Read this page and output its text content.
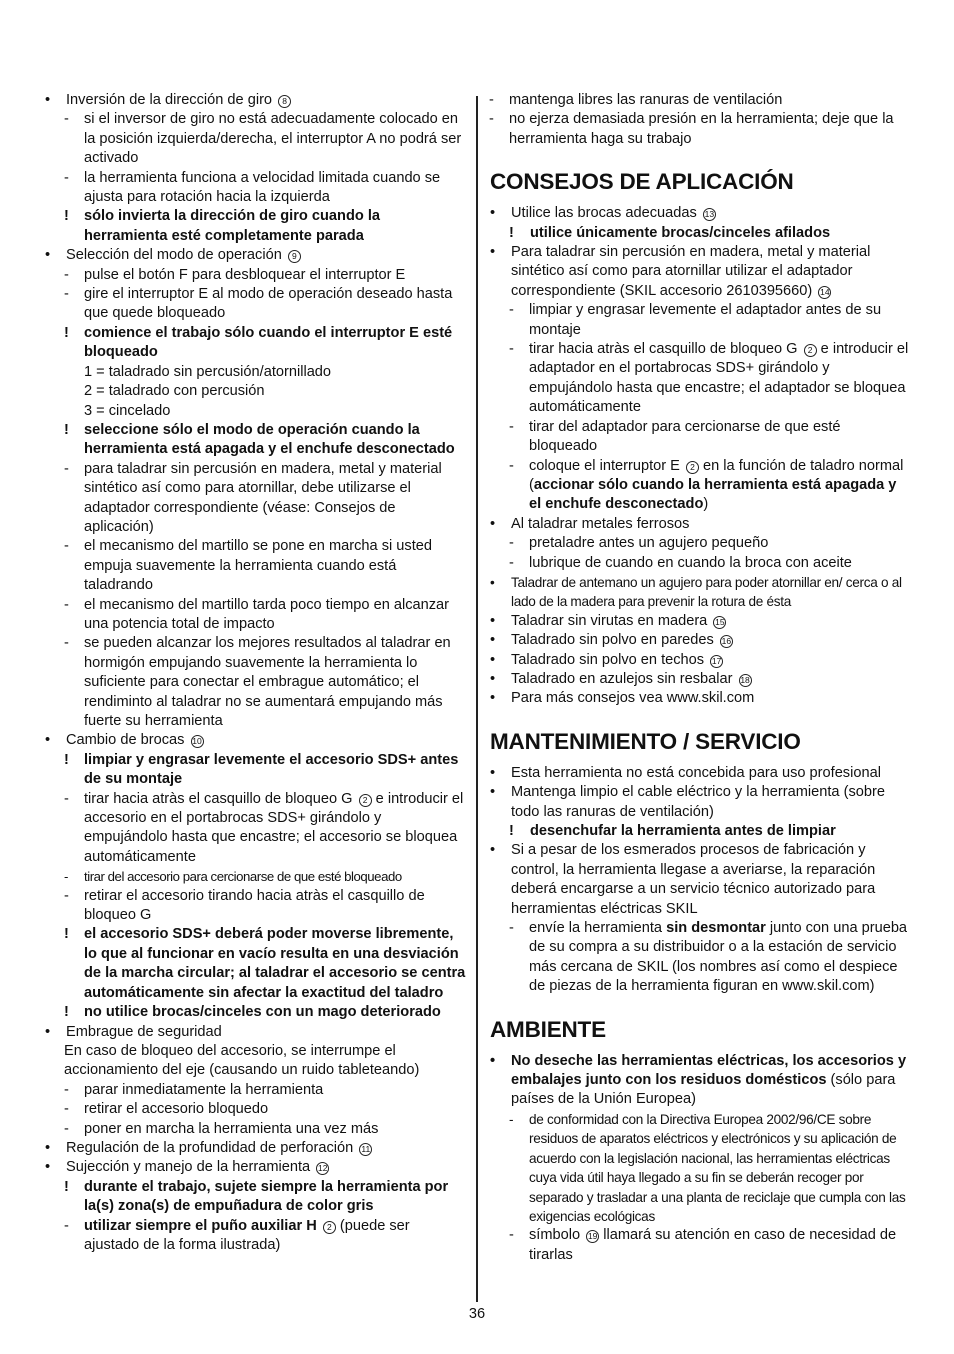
•	Inversión de la dirección de giro 8
-	si el inversor de giro no está adecuadamente colocado en la posición izquierda/derecha, el interruptor A no podrá ser activado
-	la herramienta funciona a velocidad limitada cuando se ajusta para rotación hacia la izquierda
!	sólo invierta la dirección de giro cuando la herramienta esté completamente parada
•	Selección del modo de operación 9
-	pulse el botón F para desbloquear el interruptor E
-	gire el interruptor E al modo de operación deseado hasta que quede bloqueado
!	comience el trabajo sólo cuando el interruptor E esté bloqueado
1 = taladrado sin percusión/atornillado
2 = taladrado con percusión
3 = cincelado
!	seleccione sólo el modo de operación cuando la herramienta está apagada y el enchufe desconectado
-	para taladrar sin percusión en madera, metal y material sintético así como para atornillar, debe utilizarse el adaptador correspondiente (véase: Consejos de aplicación)
-	el mecanismo del martillo se pone en marcha si usted empuja suavemente la herramienta cuando está taladrando
-	el mecanismo del martillo tarda poco tiempo en alcanzar una potencia total de impacto
-	se pueden alcanzar los mejores resultados al taladrar en hormigón empujando suavemente la herramienta lo suficiente para conectar el embrague automático; el rendiminto al taladrar no se aumentará empujando más fuerte su herramienta
•	Cambio de brocas 10
!	limpiar y engrasar levemente el accesorio SDS+ antes de su montaje
-	tirar hacia atràs el casquillo de bloqueo G 2 e introducir el accesorio en el portabrocas SDS+ girándolo y empujándolo hasta que encastre; el accesorio se bloquea automáticamente
-	tirar del accesorio para cercionarse de que esté bloqueado
-	retirar el accesorio tirando hacia atràs el casquillo de bloqueo G
!	el accesorio SDS+ deberá poder moverse libremente, lo que al funcionar en vacío resulta en una desviación de la marcha circular; al taladrar el accesorio se centra automáticamente sin afectar la exactitud del taladro
!	no utilice brocas/cinceles con un mago deteriorado
•	Embrague de seguridad
En caso de bloqueo del accesorio, se interrumpe el accionamiento del eje (causando un ruido tableteando)
-	parar inmediatamente la herramienta
-	retirar el accesorio bloquedo
-	poner en marcha la herramienta una vez más
•	Regulación de la profundidad de perforación 11
•	Sujección y manejo de la herramienta 12
!	durante el trabajo, sujete siempre la herramienta por la(s) zona(s) de empuñadura de color gris
-	utilizar siempre el puño auxiliar H 2 (puede ser ajustado de la forma ilustrada)
-	mantenga libres las ranuras de ventilación
-	no ejerza demasiada presión en la herramienta; deje que la herramienta haga su trabajo
CONSEJOS DE APLICACIÓN
•	Utilice las brocas adecuadas 13
!	utilice únicamente brocas/cinceles afilados
•	Para taladrar sin percusión en madera, metal y material sintético así como para atornillar utilizar el adaptador correspondiente (SKIL accesorio 2610395660) 14
-	limpiar y engrasar levemente el adaptador antes de su montaje
-	tirar hacia atràs el casquillo de bloqueo G 2 e introducir el adaptador en el portabrocas SDS+ girándolo y empujándolo hasta que encastre; el adaptador se bloquea automáticamente
-	tirar del adaptador para cercionarse de que esté bloqueado
-	coloque el interruptor E 2 en la función de taladro normal (accionar sólo cuando la herramienta está apagada y el enchufe desconectado)
•	Al taladrar metales ferrosos
-	pretaladre antes un agujero pequeño
-	lubrique de cuando en cuando la broca con aceite
•	Taladrar de antemano un agujero para poder atornillar en/ cerca o al lado de la madera para prevenir la rotura de ésta
•	Taladrar sin virutas en madera 15
•	Taladrado sin polvo en paredes 16
•	Taladrado sin polvo en techos 17
•	Taladrado en azulejos sin resbalar 18
•	Para más consejos vea www.skil.com
MANTENIMIENTO / SERVICIO
•	Esta herramienta no está concebida para uso profesional
•	Mantenga limpio el cable eléctrico y la herramienta (sobre todo las ranuras de ventilación)
!	desenchufar la herramienta antes de limpiar
•	Si a pesar de los esmerados procesos de fabricación y control, la herramienta llegase a averiarse, la reparación deberá encargarse a un servicio técnico autorizado para herramientas eléctricas SKIL
-	envíe la herramienta sin desmontar junto con una prueba de su compra a su distribuidor o a la estación de servicio más cercana de SKIL (los nombres así como el despiece de piezas de la herramienta figuran en www.skil.com)
AMBIENTE
•	No deseche las herramientas eléctricas, los accesorios y embalajes junto con los residuos domésticos (sólo para países de la Unión Europea)
-	de conformidad con la Directiva Europea 2002/96/CE sobre residuos de aparatos eléctricos y electrónicos y su aplicación de acuerdo con la legislación nacional, las herramientas eléctricas cuya vida útil haya llegado a su fin se deberán recoger por separado y trasladar a una planta de reciclaje que cumpla con las exigencias ecológicas
-	símbolo 19 llamará su atención en caso de necesidad de tirarlas
36
